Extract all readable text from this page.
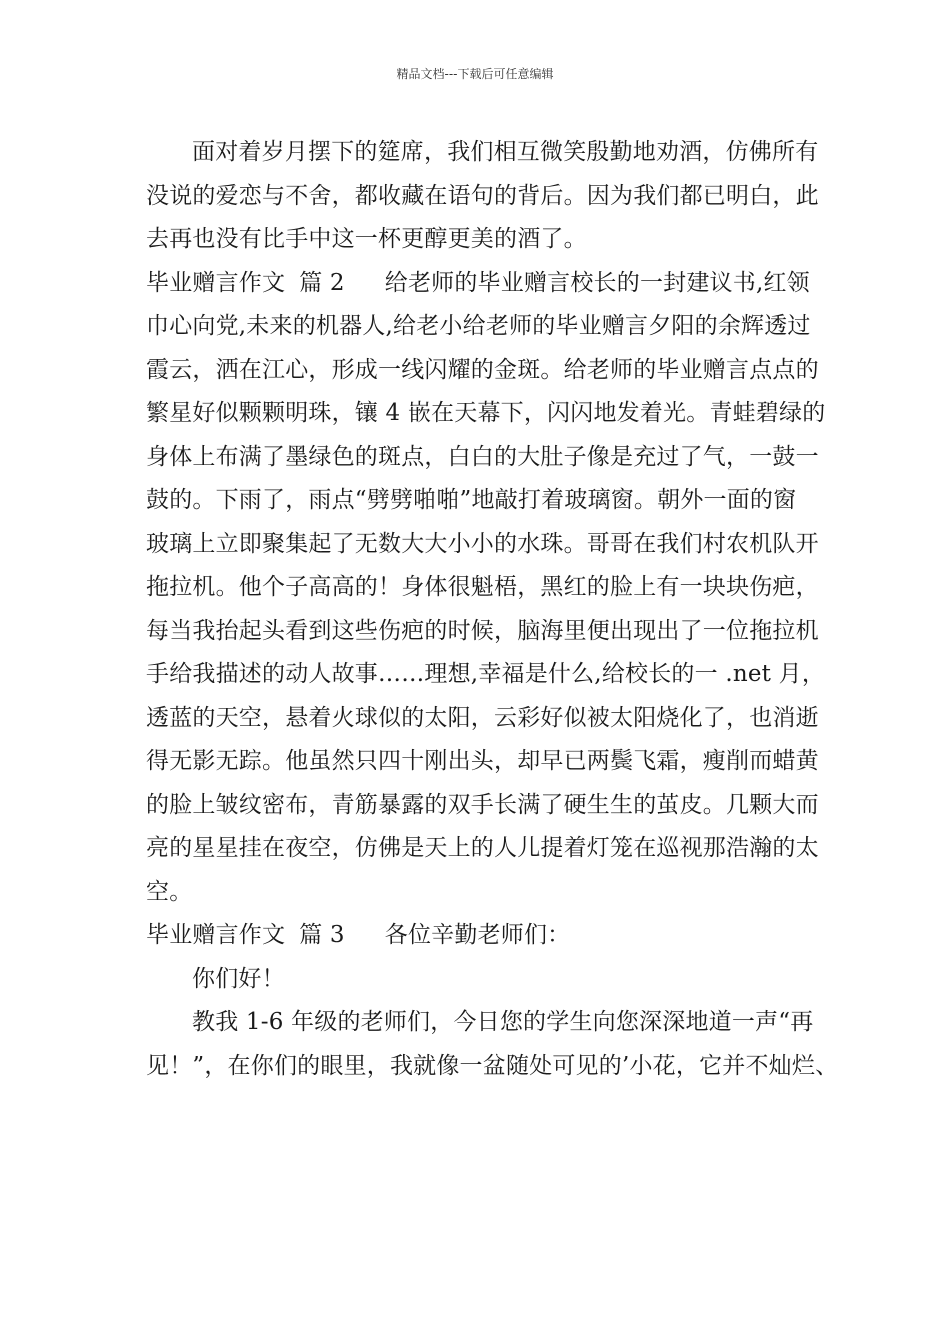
精品文档---下载后可任意编辑
面对着岁月摆下的筵席，我们相互微笑殷勤地劝酒，仿佛所有
没说的爱恋与不舍，都收藏在语句的背后。因为我们都已明白，此
去再也没有比手中这一杯更醇更美的酒了。
毕业赠言作文 篇 2 给老师的毕业赠言校长的一封建议书,红领
巾心向党,未来的机器人,给老小给老师的毕业赠言夕阳的余辉透过
霞云，洒在江心，形成一线闪耀的金斑。给老师的毕业赠言点点的
繁星好似颗颗明珠，镶 4 嵌在天幕下，闪闪地发着光。青蛙碧绿的
身体上布满了墨绿色的斑点，白白的大肚子像是充过了气，一鼓一
鼓的。下雨了，雨点“劈劈啪啪”地敲打着玻璃窗。朝外一面的窗
玻璃上立即聚集起了无数大大小小的水珠。哥哥在我们村农机队开
拖拉机。他个子高高的！身体很魁梧，黑红的脸上有一块块伤疤，
每当我抬起头看到这些伤疤的时候，脑海里便出现出了一位拖拉机
手给我描述的动人故事……理想,幸福是什么,给校长的一 .net 月，
透蓝的天空，悬着火球似的太阳，云彩好似被太阳烧化了，也消逝
得无影无踪。他虽然只四十刚出头，却早已两鬓飞霜，瘦削而蜡黄
的脸上皱纹密布，青筋暴露的双手长满了硬生生的茧皮。几颗大而
亮的星星挂在夜空，仿佛是天上的人儿提着灯笼在巡视那浩瀚的太
空。
毕业赠言作文 篇 3 各位辛勤老师们：
你们好！
教我 1-6 年级的老师们，今日您的学生向您深深地道一声“再
见！”，在你们的眼里，我就像一盆随处可见的’小花，它并不灿烂、
